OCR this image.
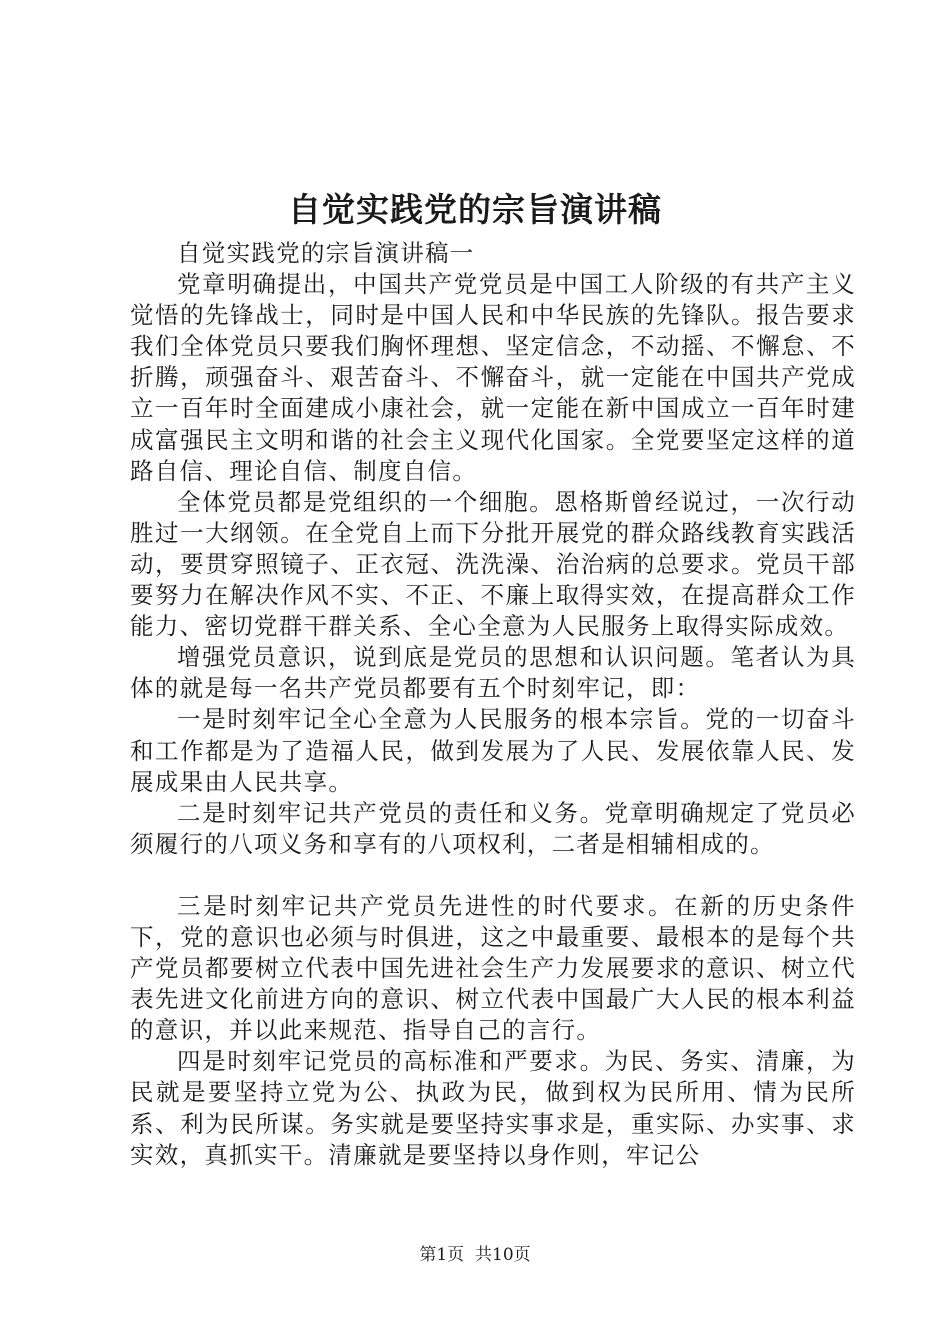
自觉实践党的宗旨演讲稿

自觉实践党的宗旨演讲稿一

党章明确提出，中国共产党党员是中国工人阶级的有共产主义觉悟的先锋战士，同时是中国人民和中华民族的先锋队。报告要求我们全体党员只要我们胸怀理想、坚定信念，不动摇、不懈怠、不折腾，顽强奋斗、艰苦奋斗、不懈奋斗，就一定能在中国共产党成立一百年时全面建成小康社会，就一定能在新中国成立一百年时建成富强民主文明和谐的社会主义现代化国家。全党要坚定这样的道路自信、理论自信、制度自信。

全体党员都是党组织的一个细胞。恩格斯曾经说过，一次行动胜过一大纲领。在全党自上而下分批开展党的群众路线教育实践活动，要贯穿照镜子、正衣冠、洗洗澡、治治病的总要求。党员干部要努力在解决作风不实、不正、不廉上取得实效，在提高群众工作能力、密切党群干群关系、全心全意为人民服务上取得实际成效。

增强党员意识，说到底是党员的思想和认识问题。笔者认为具体的就是每一名共产党员都要有五个时刻牢记，即：

一是时刻牢记全心全意为人民服务的根本宗旨。党的一切奋斗和工作都是为了造福人民，做到发展为了人民、发展依靠人民、发展成果由人民共享。

二是时刻牢记共产党员的责任和义务。党章明确规定了党员必须履行的八项义务和享有的八项权利，二者是相辅相成的。

三是时刻牢记共产党员先进性的时代要求。在新的历史条件下，党的意识也必须与时俱进，这之中最重要、最根本的是每个共产党员都要树立代表中国先进社会生产力发展要求的意识、树立代表先进文化前进方向的意识、树立代表中国最广大人民的根本利益的意识，并以此来规范、指导自己的言行。

四是时刻牢记党员的高标准和严要求。为民、务实、清廉，为民就是要坚持立党为公、执政为民，做到权为民所用、情为民所系、利为民所谋。务实就是要坚持实事求是，重实际、办实事、求实效，真抓实干。清廉就是要坚持以身作则，牢记公

第1页 共10页
